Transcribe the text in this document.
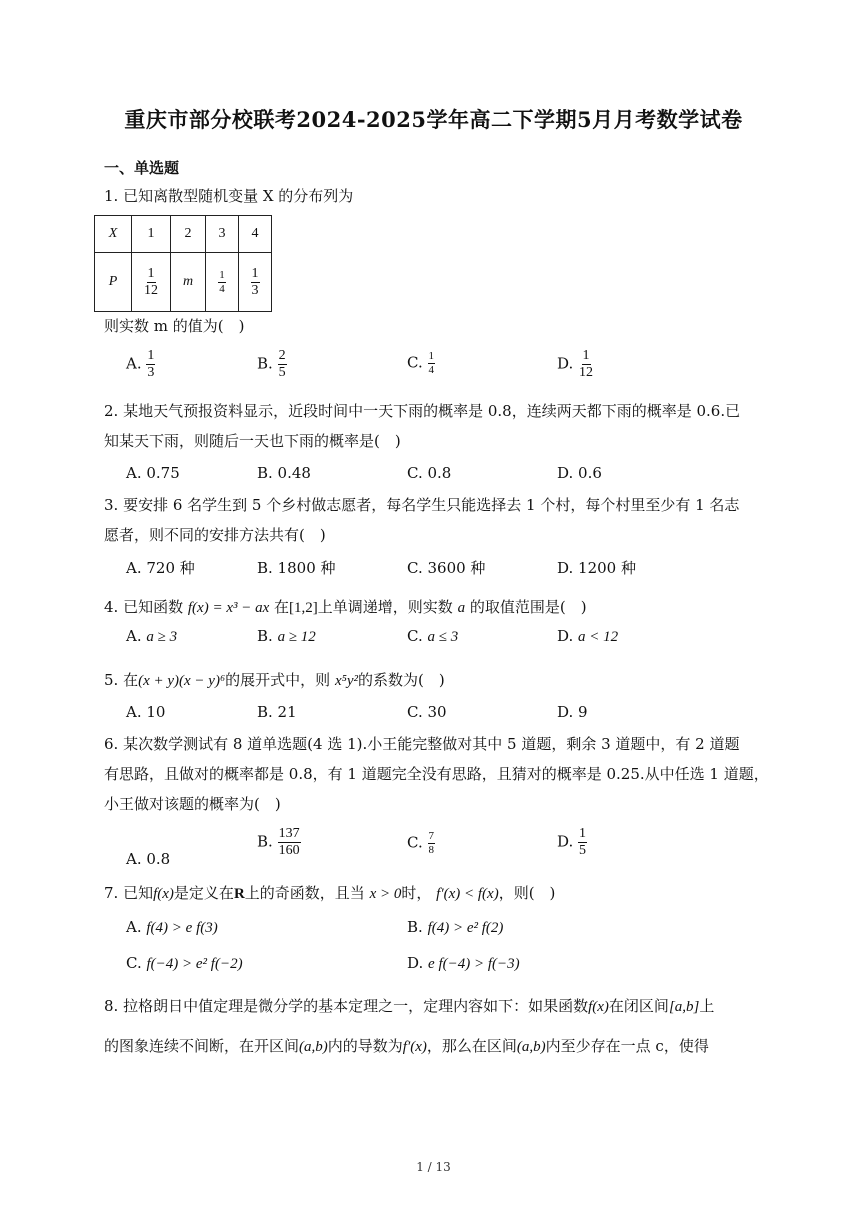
重庆市部分校联考2024-2025学年高二下学期5月月考数学试卷
一、单选题
1. 已知离散型随机变量 X 的分布列为
X	1	2	3	4
P	$\frac{1}{12}$	m	$\frac{1}{4}$	$\frac{1}{3}$
则实数 m 的值为(　)
A. $\frac{1}{3}$	B. $\frac{2}{5}$	C. $\frac{1}{4}$	D. $\frac{1}{12}$
2. 某地天气预报资料显示，近段时间中一天下雨的概率是 0.8，连续两天都下雨的概率是 0.6.已
知某天下雨，则随后一天也下雨的概率是(　)
A. 0.75	B. 0.48	C. 0.8	D. 0.6
3. 要安排 6 名学生到 5 个乡村做志愿者，每名学生只能选择去 1 个村，每个村里至少有 1 名志
愿者，则不同的安排方法共有(　)
A. 720 种	B. 1800 种	C. 3600 种	D. 1200 种
4. 已知函数 f(x) = x³ − ax 在[1,2]上单调递增，则实数 a 的取值范围是(　)
A. a ≥ 3	B. a ≥ 12	C. a ≤ 3	D. a < 12
5. 在(x + y)(x − y)⁶的展开式中，则 x⁵y²的系数为(　)
A. 10	B. 21	C. 30	D. 9
6. 某次数学测试有 8 道单选题(4 选 1).小王能完整做对其中 5 道题，剩余 3 道题中，有 2 道题
有思路，且做对的概率都是 0.8，有 1 道题完全没有思路，且猜对的概率是 0.25.从中任选 1 道题，
小王做对该题的概率为(　)
A. 0.8
B. $\frac{137}{160}$	C. $\frac{7}{8}$	D. $\frac{1}{5}$
7. 已知f(x)是定义在R上的奇函数，且当 x > 0时， f′(x) < f(x)，则(　)
A. f(4) > e f(3)	B. f(4) > e² f(2)
C. f(−4) > e² f(−2)	D. e f(−4) > f(−3)
8. 拉格朗日中值定理是微分学的基本定理之一，定理内容如下：如果函数f(x)在闭区间[a,b]上
的图象连续不间断，在开区间(a,b)内的导数为f′(x)，那么在区间(a,b)内至少存在一点 c，使得
1 / 13
